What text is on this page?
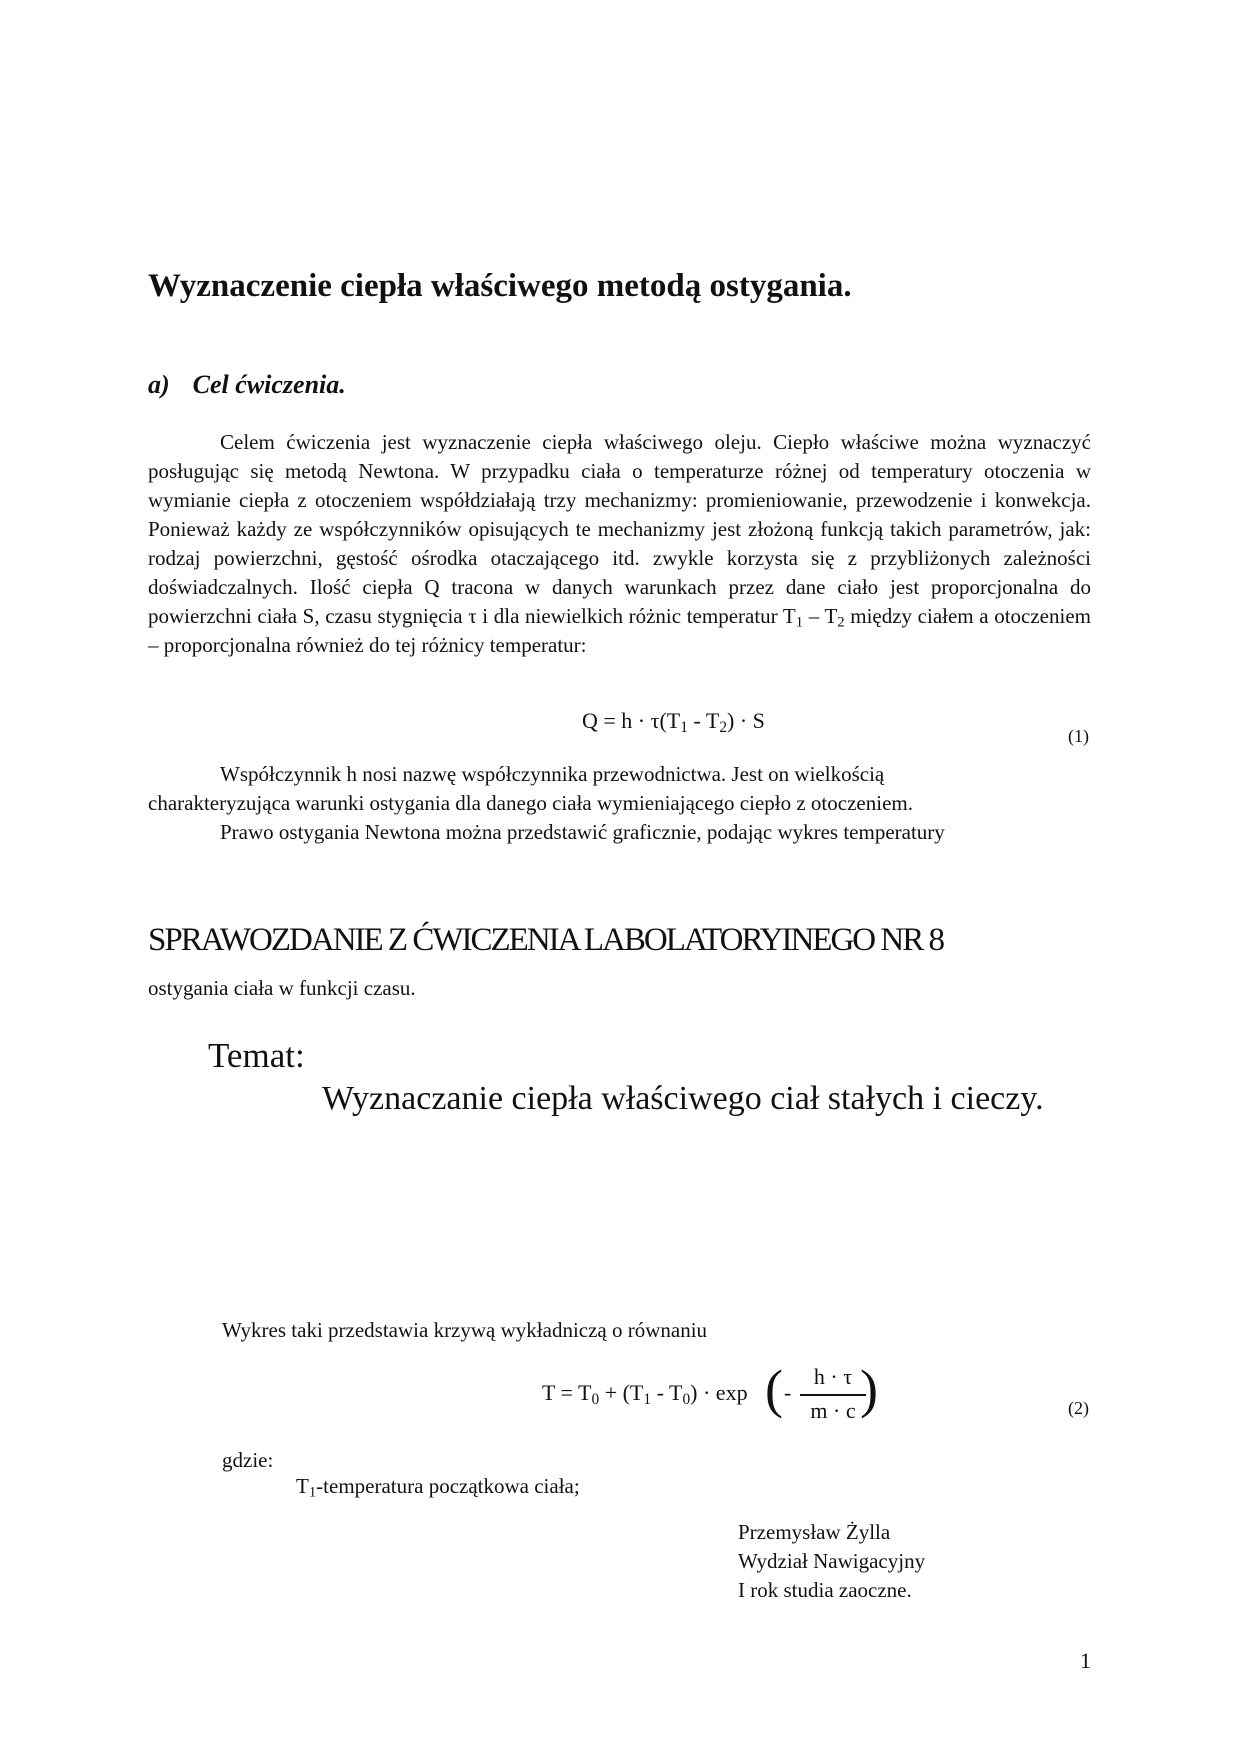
Wyznaczenie ciepła właściwego metodą ostygania.
a) Cel ćwiczenia.
Celem ćwiczenia jest wyznaczenie ciepła właściwego oleju. Ciepło właściwe można wyznaczyć posługując się metodą Newtona. W przypadku ciała o temperaturze różnej od temperatury otoczenia w wymianie ciepła z otoczeniem współdziałają trzy mechanizmy: promieniowanie, przewodzenie i konwekcja. Ponieważ każdy ze współczynników opisujących te mechanizmy jest złożoną funkcją takich parametrów, jak: rodzaj powierzchni, gęstość ośrodka otaczającego itd. zwykle korzysta się z przybliżonych zależności doświadczalnych. Ilość ciepła Q tracona w danych warunkach przez dane ciało jest proporcjonalna do powierzchni ciała S, czasu stygnięcia τ i dla niewielkich różnic temperatur $T_1 - T_2$ między ciałem a otoczeniem – proporcjonalna również do tej różnicy temperatur:
$Q = h \cdot \tau(T_1 - T_2) \cdot S$
(1)
Współczynnik h nosi nazwę współczynnika przewodnictwa. Jest on wielkością
charakteryzująca warunki ostygania dla danego ciała wymieniającego ciepło z otoczeniem.
Prawo ostygania Newtona można przedstawić graficznie, podając wykres temperatury
SPRAWOZDANIE Z ĆWICZENIA LABOLATORYINEGO NR 8
ostygania ciała w funkcji czasu.
Temat:
Wyznaczanie ciepła właściwego ciał stałych i cieczy.
Wykres taki przedstawia krzywą wykładniczą o równaniu
$T = T_0 + (T_1 - T_0) \cdot \exp$ ( -
h · τ
m · c )	(2)
gdzie:
$T_1$-temperatura początkowa ciała;
Przemysław Żylla
Wydział Nawigacyjny
I rok studia zaoczne.
1
